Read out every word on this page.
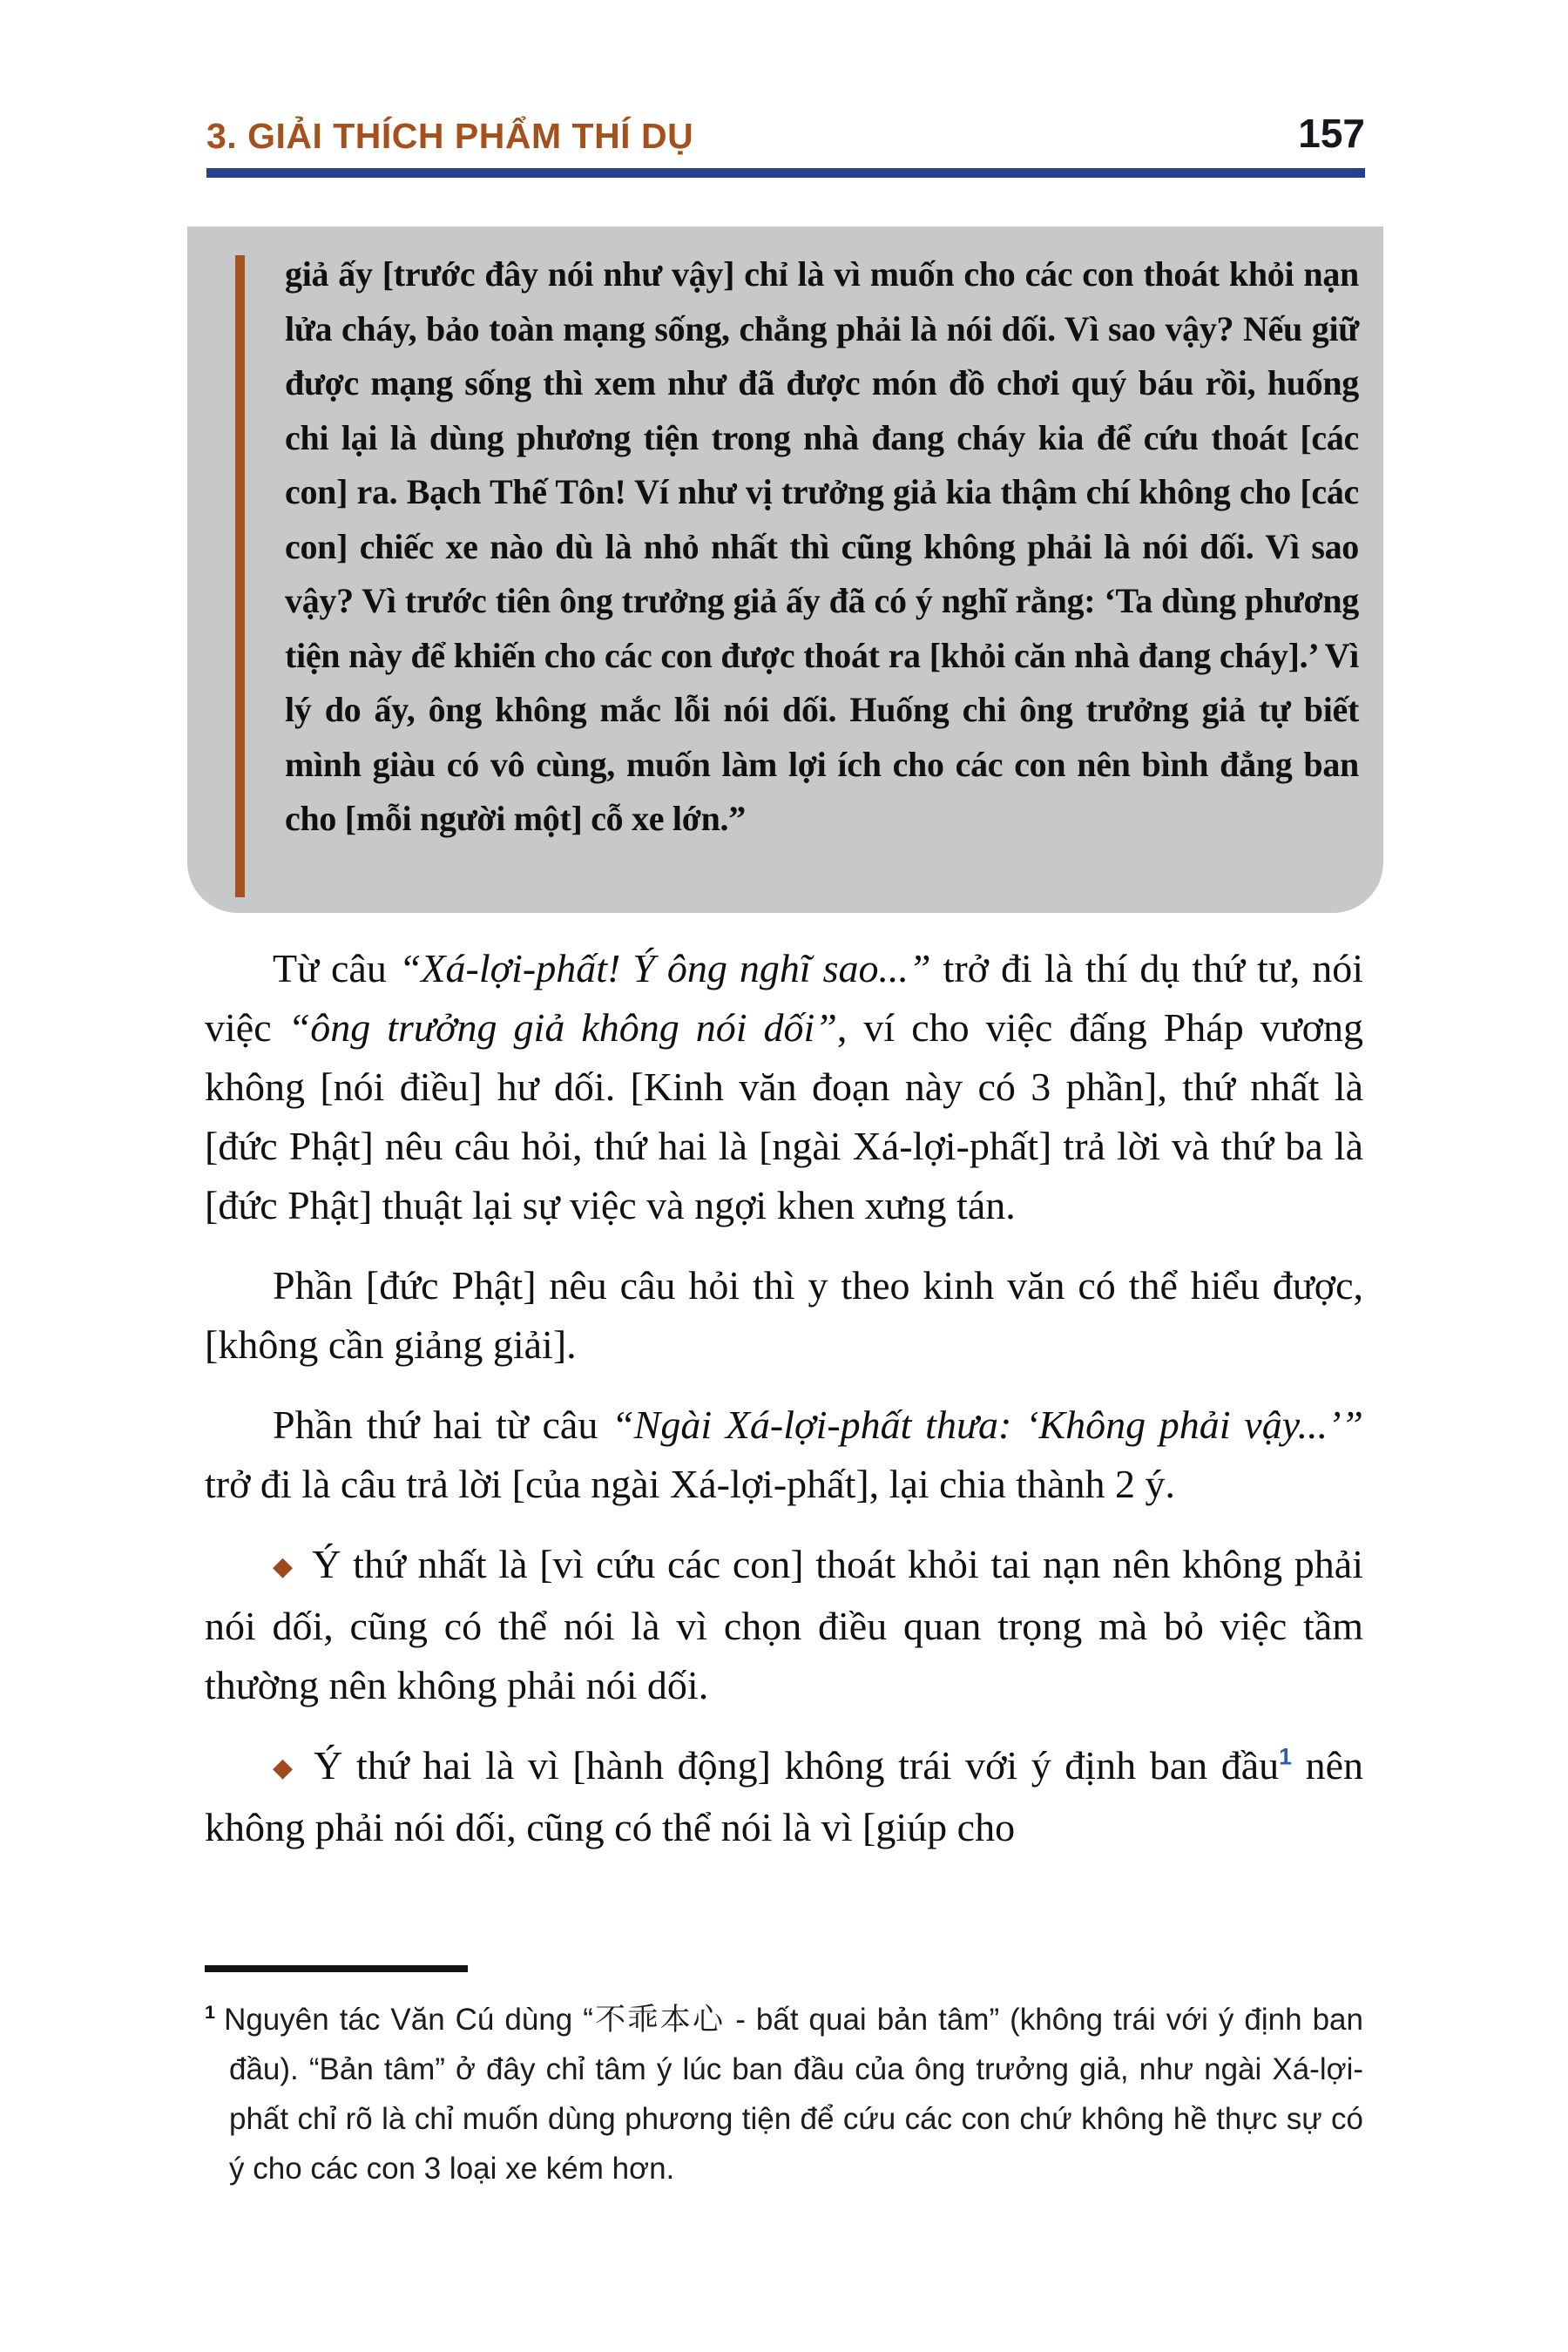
3. GIẢI THÍCH PHẨM THÍ DỤ	157

giả ấy [trước đây nói như vậy] chỉ là vì muốn cho các con thoát khỏi nạn lửa cháy, bảo toàn mạng sống, chẳng phải là nói dối. Vì sao vậy? Nếu giữ được mạng sống thì xem như đã được món đồ chơi quý báu rồi, huống chi lại là dùng phương tiện trong nhà đang cháy kia để cứu thoát [các con] ra. Bạch Thế Tôn! Ví như vị trưởng giả kia thậm chí không cho [các con] chiếc xe nào dù là nhỏ nhất thì cũng không phải là nói dối. Vì sao vậy? Vì trước tiên ông trưởng giả ấy đã có ý nghĩ rằng: ‘Ta dùng phương tiện này để khiến cho các con được thoát ra [khỏi căn nhà đang cháy].’ Vì lý do ấy, ông không mắc lỗi nói dối. Huống chi ông trưởng giả tự biết mình giàu có vô cùng, muốn làm lợi ích cho các con nên bình đẳng ban cho [mỗi người một] cỗ xe lớn.”

Từ câu “Xá-lợi-phất! Ý ông nghĩ sao...” trở đi là thí dụ thứ tư, nói việc “ông trưởng giả không nói dối”, ví cho việc đấng Pháp vương không [nói điều] hư dối. [Kinh văn đoạn này có 3 phần], thứ nhất là [đức Phật] nêu câu hỏi, thứ hai là [ngài Xá-lợi-phất] trả lời và thứ ba là [đức Phật] thuật lại sự việc và ngợi khen xưng tán.

Phần [đức Phật] nêu câu hỏi thì y theo kinh văn có thể hiểu được, [không cần giảng giải].

Phần thứ hai từ câu “Ngài Xá-lợi-phất thưa: ‘Không phải vậy...’” trở đi là câu trả lời [của ngài Xá-lợi-phất], lại chia thành 2 ý.

◆ Ý thứ nhất là [vì cứu các con] thoát khỏi tai nạn nên không phải nói dối, cũng có thể nói là vì chọn điều quan trọng mà bỏ việc tầm thường nên không phải nói dối.

◆ Ý thứ hai là vì [hành động] không trái với ý định ban đầu$^1$ nên không phải nói dối, cũng có thể nói là vì [giúp cho

$^1$ Nguyên tác Văn Cú dùng “不乖本心 - bất quai bản tâm” (không trái với ý định ban đầu). “Bản tâm” ở đây chỉ tâm ý lúc ban đầu của ông trưởng giả, như ngài Xá-lợi-phất chỉ rõ là chỉ muốn dùng phương tiện để cứu các con chứ không hề thực sự có ý cho các con 3 loại xe kém hơn.
